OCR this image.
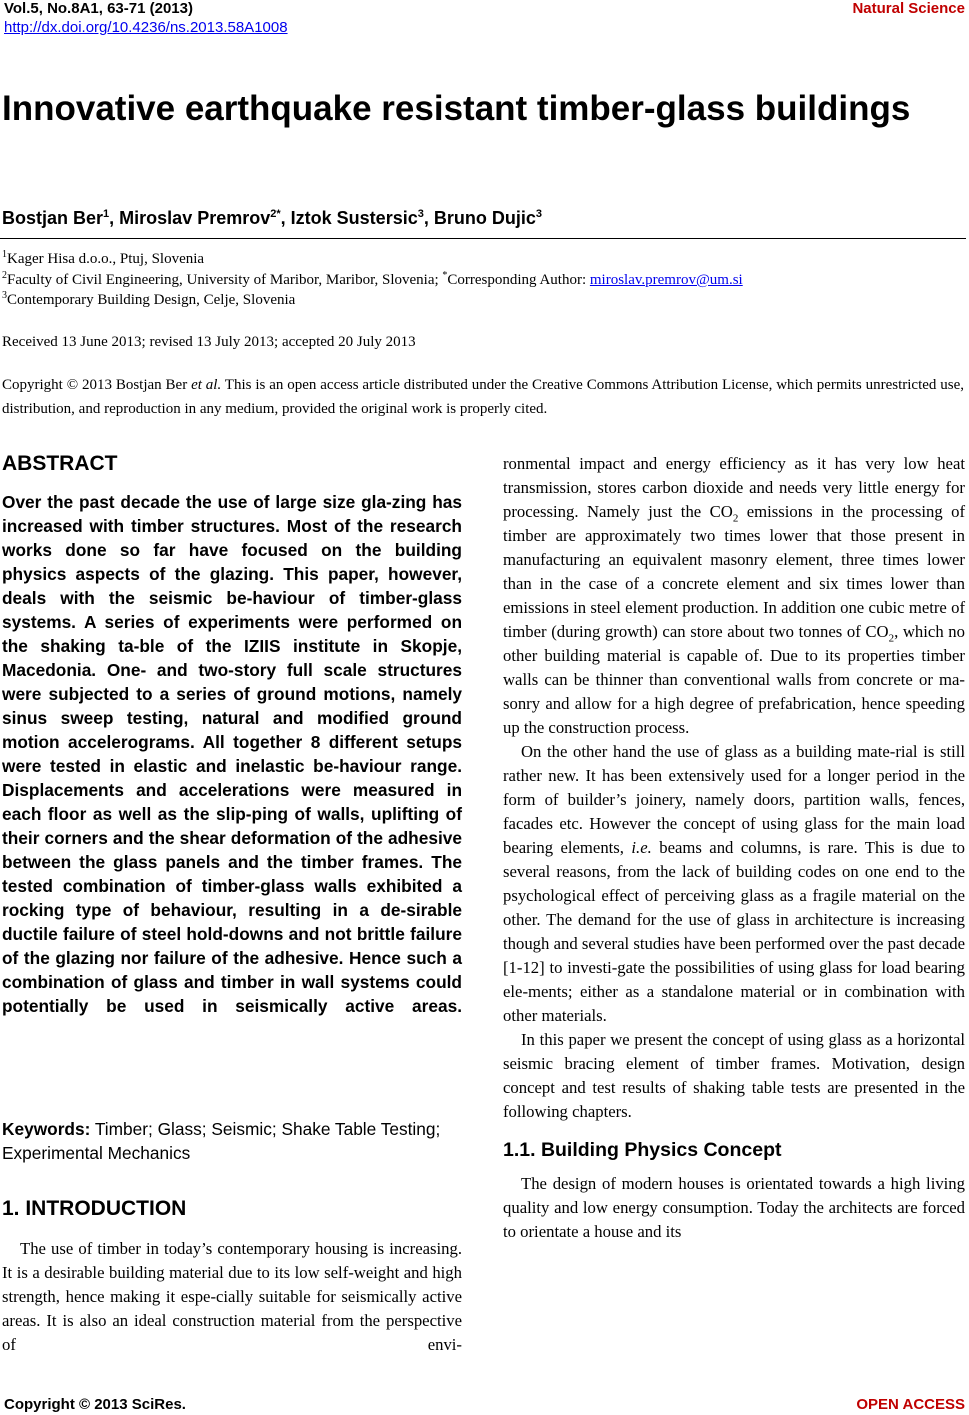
Vol.5, No.8A1, 63-71 (2013)
http://dx.doi.org/10.4236/ns.2013.58A1008
Natural Science
Innovative earthquake resistant timber-glass buildings
Bostjan Ber$^1$, Miroslav Premrov$^{2*}$, Iztok Sustersic$^3$, Bruno Dujic$^3$
$^1$Kager Hisa d.o.o., Ptuj, Slovenia
$^2$Faculty of Civil Engineering, University of Maribor, Maribor, Slovenia; *Corresponding Author: miroslav.premrov@um.si
$^3$Contemporary Building Design, Celje, Slovenia
Received 13 June 2013; revised 13 July 2013; accepted 20 July 2013
Copyright © 2013 Bostjan Ber et al. This is an open access article distributed under the Creative Commons Attribution License, which permits unrestricted use, distribution, and reproduction in any medium, provided the original work is properly cited.
ABSTRACT
Over the past decade the use of large size gla-zing has increased with timber structures. Most of the research works done so far have focused on the building physics aspects of the glazing. This paper, however, deals with the seismic be-haviour of timber-glass systems. A series of experiments were performed on the shaking ta-ble of the IZIIS institute in Skopje, Macedonia. One- and two-story full scale structures were subjected to a series of ground motions, namely sinus sweep testing, natural and modified ground motion accelerograms. All together 8 different setups were tested in elastic and inelastic be-haviour range. Displacements and accelerations were measured in each floor as well as the slip-ping of walls, uplifting of their corners and the shear deformation of the adhesive between the glass panels and the timber frames. The tested combination of timber-glass walls exhibited a rocking type of behaviour, resulting in a de-sirable ductile failure of steel hold-downs and not brittle failure of the glazing nor failure of the adhesive. Hence such a combination of glass and timber in wall systems could potentially be used in seismically active areas.
Keywords: Timber; Glass; Seismic; Shake Table Testing; Experimental Mechanics
1. INTRODUCTION

The use of timber in today’s contemporary housing is increasing. It is a desirable building material due to its low self-weight and high strength, hence making it espe-cially suitable for seismically active areas. It is also an ideal construction material from the perspective of envi-

ronmental impact and energy efficiency as it has very low heat transmission, stores carbon dioxide and needs very little energy for processing. Namely just the $CO_2$ emissions in the processing of timber are approximately two times lower that those present in manufacturing an equivalent masonry element, three times lower than in the case of a concrete element and six times lower than emissions in steel element production. In addition one cubic metre of timber (during growth) can store about two tonnes of $CO_2$, which no other building material is capable of. Due to its properties timber walls can be thinner than conventional walls from concrete or ma-sonry and allow for a high degree of prefabrication, hence speeding up the construction process.

On the other hand the use of glass as a building mate-rial is still rather new. It has been extensively used for a longer period in the form of builder’s joinery, namely doors, partition walls, fences, facades etc. However the concept of using glass for the main load bearing elements, i.e. beams and columns, is rare. This is due to several reasons, from the lack of building codes on one end to the psychological effect of perceiving glass as a fragile material on the other. The demand for the use of glass in architecture is increasing though and several studies have been performed over the past decade [1-12] to investi-gate the possibilities of using glass for load bearing ele-ments; either as a standalone material or in combination with other materials.

In this paper we present the concept of using glass as a horizontal seismic bracing element of timber frames. Motivation, design concept and test results of shaking table tests are presented in the following chapters.

1.1. Building Physics Concept

The design of modern houses is orientated towards a high living quality and low energy consumption. Today the architects are forced to orientate a house and its

Copyright © 2013 SciRes.	OPEN ACCESS
